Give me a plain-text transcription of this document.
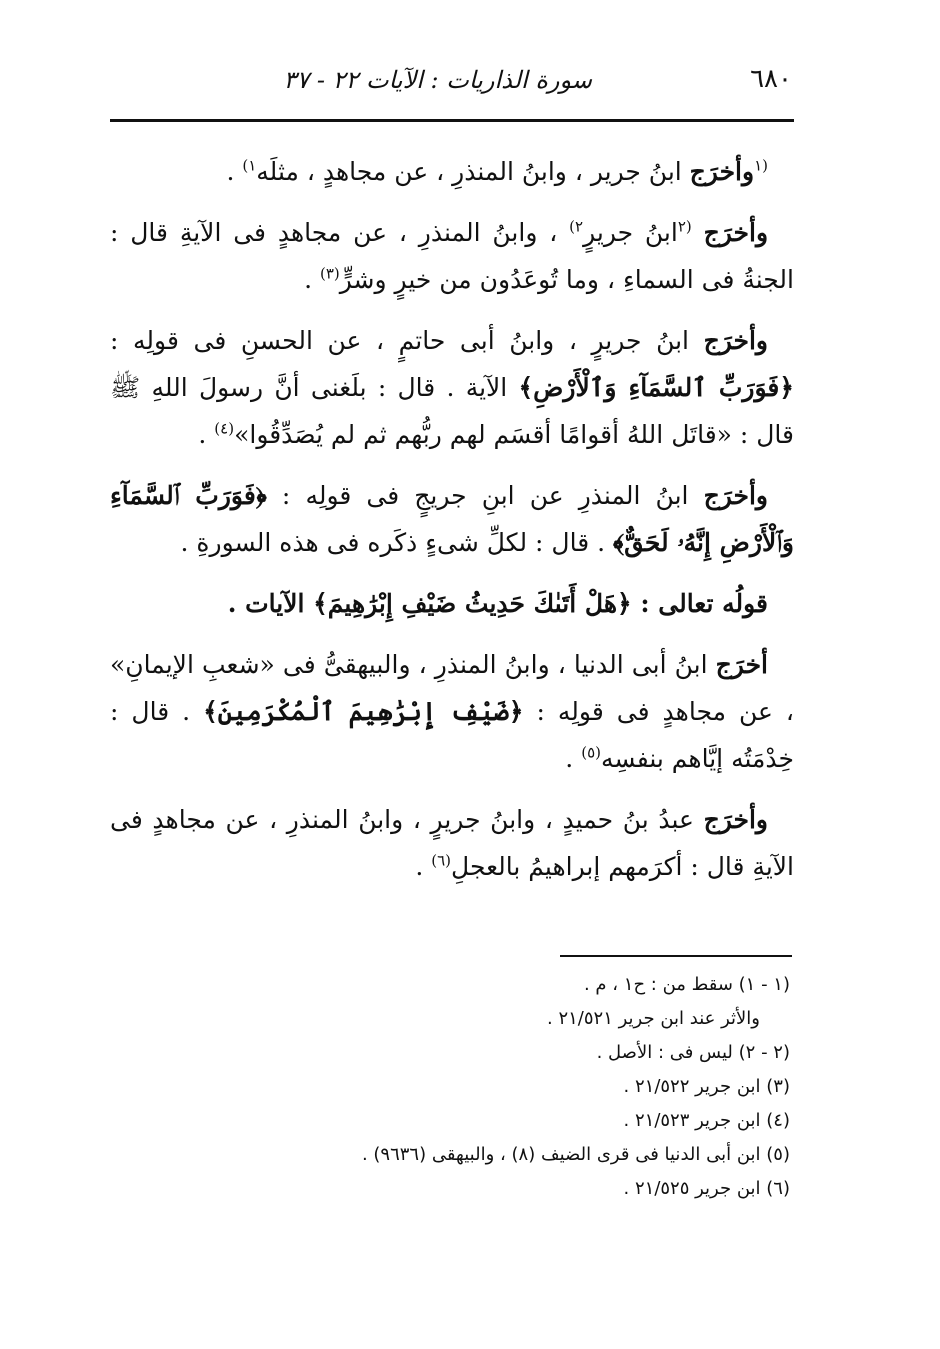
٦٨٠
سورة الذاريات : الآيات ٢٢ - ٣٧

$^{(١}$وأخرَج ابنُ جرير ، وابنُ المنذرِ ، عن مجاهدٍ ، مثلَه$^{١)}$ .

وأخرَج $^{(٢}$ابنُ جريرٍ$^{٢)}$ ، وابنُ المنذرِ ، عن مجاهدٍ فى الآيةِ قال : الجنةُ فى السماءِ ، وما تُوعَدُون من خيرٍ وشرٍّ$^{(٣)}$ .

وأخرَج ابنُ جريرٍ ، وابنُ أبى حاتمٍ ، عن الحسنِ فى قولِه : ﴿فَوَرَبِّ ٱلسَّمَآءِ وَٱلْأَرْضِ﴾ الآية . قال : بلَغنى أنَّ رسولَ اللهِ ﷺ قال : «قاتَل اللهُ أقوامًا أقسَم لهم ربُّهم ثم لم يُصَدِّقُوا»$^{(٤)}$ .

وأخرَج ابنُ المنذرِ عن ابنِ جريجٍ فى قولِه : ﴿فَوَرَبِّ ٱلسَّمَآءِ وَٱلْأَرْضِ إِنَّهُۥ لَحَقٌّ﴾ . قال : لكلِّ شىءٍ ذكَره فى هذه السورةِ .

قولُه تعالى : ﴿هَلْ أَتَىٰكَ حَدِيثُ ضَيْفِ إِبْرَٰهِيمَ﴾ الآيات .

أخرَج ابنُ أبى الدنيا ، وابنُ المنذرِ ، والبيهقىُّ فى «شعبِ الإيمانِ» ، عن مجاهدٍ فى قولِه : ﴿ضَيْفِ إِبْرَٰهِيمَ ٱلْمُكْرَمِينَ﴾ . قال : خِدْمَتُه إيَّاهم بنفسِه$^{(٥)}$ .

وأخرَج عبدُ بنُ حميدٍ ، وابنُ جريرٍ ، وابنُ المنذرِ ، عن مجاهدٍ فى الآيةِ قال : أكرَمهم إبراهيمُ بالعجلِ$^{(٦)}$ .

(١ - ١) سقط من : ح١ ، م .

والأثر عند ابن جرير ٢١/٥٢١ .

(٢ - ٢) ليس فى : الأصل .

(٣) ابن جرير ٢١/٥٢٢ .

(٤) ابن جرير ٢١/٥٢٣ .

(٥) ابن أبى الدنيا فى قرى الضيف (٨) ، والبيهقى (٩٦٣٦) .

(٦) ابن جرير ٢١/٥٢٥ .
